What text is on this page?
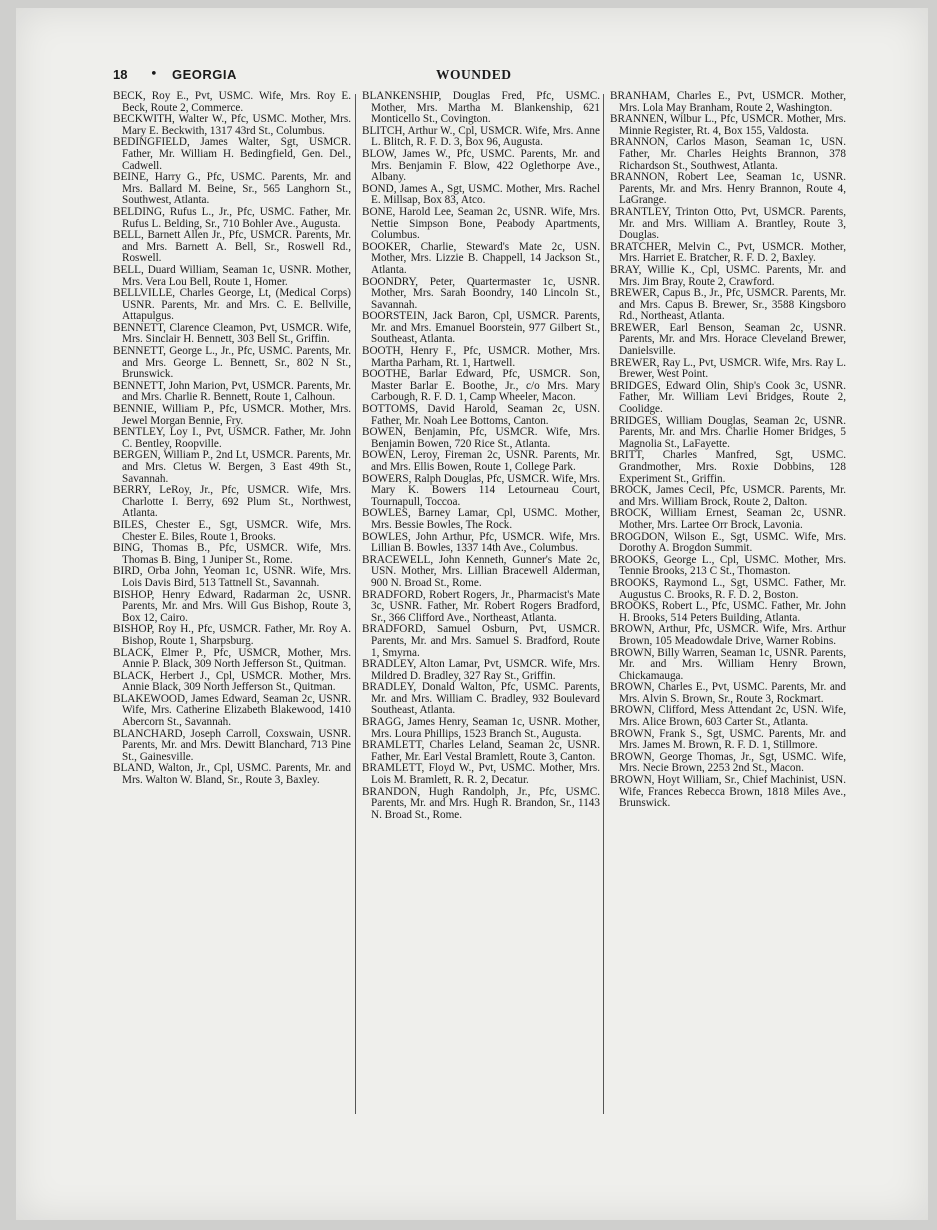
18 • GEORGIA	WOUNDED

BECK, Roy E., Pvt, USMC. Wife, Mrs. Roy E. Beck, Route 2, Commerce.

BECKWITH, Walter W., Pfc, USMC. Mother, Mrs. Mary E. Beckwith, 1317 43rd St., Columbus.

BEDINGFIELD, James Walter, Sgt, USMCR. Father, Mr. William H. Bedingfield, Gen. Del., Cadwell.

BEINE, Harry G., Pfc, USMC. Parents, Mr. and Mrs. Ballard M. Beine, Sr., 565 Langhorn St., Southwest, Atlanta.

BELDING, Rufus L., Jr., Pfc, USMC. Father, Mr. Rufus L. Belding, Sr., 710 Bohler Ave., Augusta.

BELL, Barnett Allen Jr., Pfc, USMCR. Parents, Mr. and Mrs. Barnett A. Bell, Sr., Roswell Rd., Roswell.

BELL, Duard William, Seaman 1c, USNR. Mother, Mrs. Vera Lou Bell, Route 1, Homer.

BELLVILLE, Charles George, Lt, (Medical Corps) USNR. Parents, Mr. and Mrs. C. E. Bellville, Attapulgus.

BENNETT, Clarence Cleamon, Pvt, USMCR. Wife, Mrs. Sinclair H. Bennett, 303 Bell St., Griffin.

BENNETT, George L., Jr., Pfc, USMC. Parents, Mr. and Mrs. George L. Bennett, Sr., 802 N St., Brunswick.

BENNETT, John Marion, Pvt, USMCR. Parents, Mr. and Mrs. Charlie R. Bennett, Route 1, Calhoun.

BENNIE, William P., Pfc, USMCR. Mother, Mrs. Jewel Morgan Bennie, Fry.

BENTLEY, Loy I., Pvt, USMCR. Father, Mr. John C. Bentley, Roopville.

BERGEN, William P., 2nd Lt, USMCR. Parents, Mr. and Mrs. Cletus W. Bergen, 3 East 49th St., Savannah.

BERRY, LeRoy, Jr., Pfc, USMCR. Wife, Mrs. Charlotte I. Berry, 692 Plum St., Northwest, Atlanta.

BILES, Chester E., Sgt, USMCR. Wife, Mrs. Chester E. Biles, Route 1, Brooks.

BING, Thomas B., Pfc, USMCR. Wife, Mrs. Thomas B. Bing, 1 Juniper St., Rome.

BIRD, Orba John, Yeoman 1c, USNR. Wife, Mrs. Lois Davis Bird, 513 Tattnell St., Savannah.

BISHOP, Henry Edward, Radarman 2c, USNR. Parents, Mr. and Mrs. Will Gus Bishop, Route 3, Box 12, Cairo.

BISHOP, Roy H., Pfc, USMCR. Father, Mr. Roy A. Bishop, Route 1, Sharpsburg.

BLACK, Elmer P., Pfc, USMCR, Mother, Mrs. Annie P. Black, 309 North Jefferson St., Quitman.

BLACK, Herbert J., Cpl, USMCR. Mother, Mrs. Annie Black, 309 North Jefferson St., Quitman.

BLAKEWOOD, James Edward, Seaman 2c, USNR. Wife, Mrs. Catherine Elizabeth Blakewood, 1410 Abercorn St., Savannah.

BLANCHARD, Joseph Carroll, Coxswain, USNR. Parents, Mr. and Mrs. Dewitt Blanchard, 713 Pine St., Gainesville.

BLAND, Walton, Jr., Cpl, USMC. Parents, Mr. and Mrs. Walton W. Bland, Sr., Route 3, Baxley.

BLANKENSHIP, Douglas Fred, Pfc, USMC. Mother, Mrs. Martha M. Blankenship, 621 Monticello St., Covington.

BLITCH, Arthur W., Cpl, USMCR. Wife, Mrs. Anne L. Blitch, R. F. D. 3, Box 96, Augusta.

BLOW, James W., Pfc, USMC. Parents, Mr. and Mrs. Benjamin F. Blow, 422 Oglethorpe Ave., Albany.

BOND, James A., Sgt, USMC. Mother, Mrs. Rachel E. Millsap, Box 83, Atco.

BONE, Harold Lee, Seaman 2c, USNR. Wife, Mrs. Nettie Simpson Bone, Peabody Apartments, Columbus.

BOOKER, Charlie, Steward's Mate 2c, USN. Mother, Mrs. Lizzie B. Chappell, 14 Jackson St., Atlanta.

BOONDRY, Peter, Quartermaster 1c, USNR. Mother, Mrs. Sarah Boondry, 140 Lincoln St., Savannah.

BOORSTEIN, Jack Baron, Cpl, USMCR. Parents, Mr. and Mrs. Emanuel Boorstein, 977 Gilbert St., Southeast, Atlanta.

BOOTH, Henry F., Pfc, USMCR. Mother, Mrs. Martha Parham, Rt. 1, Hartwell.

BOOTHE, Barlar Edward, Pfc, USMCR. Son, Master Barlar E. Boothe, Jr., c/o Mrs. Mary Carbough, R. F. D. 1, Camp Wheeler, Macon.

BOTTOMS, David Harold, Seaman 2c, USN. Father, Mr. Noah Lee Bottoms, Canton.

BOWEN, Benjamin, Pfc, USMCR. Wife, Mrs. Benjamin Bowen, 720 Rice St., Atlanta.

BOWEN, Leroy, Fireman 2c, USNR. Parents, Mr. and Mrs. Ellis Bowen, Route 1, College Park.

BOWERS, Ralph Douglas, Pfc, USMCR. Wife, Mrs. Mary K. Bowers 114 Letourneau Court, Tournapull, Toccoa.

BOWLES, Barney Lamar, Cpl, USMC. Mother, Mrs. Bessie Bowles, The Rock.

BOWLES, John Arthur, Pfc, USMCR. Wife, Mrs. Lillian B. Bowles, 1337 14th Ave., Columbus.

BRACEWELL, John Kenneth, Gunner's Mate 2c, USN. Mother, Mrs. Lillian Bracewell Alderman, 900 N. Broad St., Rome.

BRADFORD, Robert Rogers, Jr., Pharmacist's Mate 3c, USNR. Father, Mr. Robert Rogers Bradford, Sr., 366 Clifford Ave., Northeast, Atlanta.

BRADFORD, Samuel Osburn, Pvt, USMCR. Parents, Mr. and Mrs. Samuel S. Bradford, Route 1, Smyrna.

BRADLEY, Alton Lamar, Pvt, USMCR. Wife, Mrs. Mildred D. Bradley, 327 Ray St., Griffin.

BRADLEY, Donald Walton, Pfc, USMC. Parents, Mr. and Mrs. William C. Bradley, 932 Boulevard Southeast, Atlanta.

BRAGG, James Henry, Seaman 1c, USNR. Mother, Mrs. Loura Phillips, 1523 Branch St., Augusta.

BRAMLETT, Charles Leland, Seaman 2c, USNR. Father, Mr. Earl Vestal Bramlett, Route 3, Canton.

BRAMLETT, Floyd W., Pvt, USMC. Mother, Mrs. Lois M. Bramlett, R. R. 2, Decatur.

BRANDON, Hugh Randolph, Jr., Pfc, USMC. Parents, Mr. and Mrs. Hugh R. Brandon, Sr., 1143 N. Broad St., Rome.

BRANHAM, Charles E., Pvt, USMCR. Mother, Mrs. Lola May Branham, Route 2, Washington.

BRANNEN, Wilbur L., Pfc, USMCR. Mother, Mrs. Minnie Register, Rt. 4, Box 155, Valdosta.

BRANNON, Carlos Mason, Seaman 1c, USN. Father, Mr. Charles Heights Brannon, 378 Richardson St., Southwest, Atlanta.

BRANNON, Robert Lee, Seaman 1c, USNR. Parents, Mr. and Mrs. Henry Brannon, Route 4, LaGrange.

BRANTLEY, Trinton Otto, Pvt, USMCR. Parents, Mr. and Mrs. William A. Brantley, Route 3, Douglas.

BRATCHER, Melvin C., Pvt, USMCR. Mother, Mrs. Harriet E. Bratcher, R. F. D. 2, Baxley.

BRAY, Willie K., Cpl, USMC. Parents, Mr. and Mrs. Jim Bray, Route 2, Crawford.

BREWER, Capus B., Jr., Pfc, USMCR. Parents, Mr. and Mrs. Capus B. Brewer, Sr., 3588 Kingsboro Rd., Northeast, Atlanta.

BREWER, Earl Benson, Seaman 2c, USNR. Parents, Mr. and Mrs. Horace Cleveland Brewer, Danielsville.

BREWER, Ray L., Pvt, USMCR. Wife, Mrs. Ray L. Brewer, West Point.

BRIDGES, Edward Olin, Ship's Cook 3c, USNR. Father, Mr. William Levi Bridges, Route 2, Coolidge.

BRIDGES, William Douglas, Seaman 2c, USNR. Parents, Mr. and Mrs. Charlie Homer Bridges, 5 Magnolia St., LaFayette.

BRITT, Charles Manfred, Sgt, USMC. Grandmother, Mrs. Roxie Dobbins, 128 Experiment St., Griffin.

BROCK, James Cecil, Pfc, USMCR. Parents, Mr. and Mrs. William Brock, Route 2, Dalton.

BROCK, William Ernest, Seaman 2c, USNR. Mother, Mrs. Lartee Orr Brock, Lavonia.

BROGDON, Wilson E., Sgt, USMC. Wife, Mrs. Dorothy A. Brogdon Summit.

BROOKS, George L., Cpl, USMC. Mother, Mrs. Tennie Brooks, 213 C St., Thomaston.

BROOKS, Raymond L., Sgt, USMC. Father, Mr. Augustus C. Brooks, R. F. D. 2, Boston.

BROOKS, Robert L., Pfc, USMC. Father, Mr. John H. Brooks, 514 Peters Building, Atlanta.

BROWN, Arthur, Pfc, USMCR. Wife, Mrs. Arthur Brown, 105 Meadowdale Drive, Warner Robins.

BROWN, Billy Warren, Seaman 1c, USNR. Parents, Mr. and Mrs. William Henry Brown, Chickamauga.

BROWN, Charles E., Pvt, USMC. Parents, Mr. and Mrs. Alvin S. Brown, Sr., Route 3, Rockmart.

BROWN, Clifford, Mess Attendant 2c, USN. Wife, Mrs. Alice Brown, 603 Carter St., Atlanta.

BROWN, Frank S., Sgt, USMC. Parents, Mr. and Mrs. James M. Brown, R. F. D. 1, Stillmore.

BROWN, George Thomas, Jr., Sgt, USMC. Wife, Mrs. Necie Brown, 2253 2nd St., Macon.

BROWN, Hoyt William, Sr., Chief Machinist, USN. Wife, Frances Rebecca Brown, 1818 Miles Ave., Brunswick.
